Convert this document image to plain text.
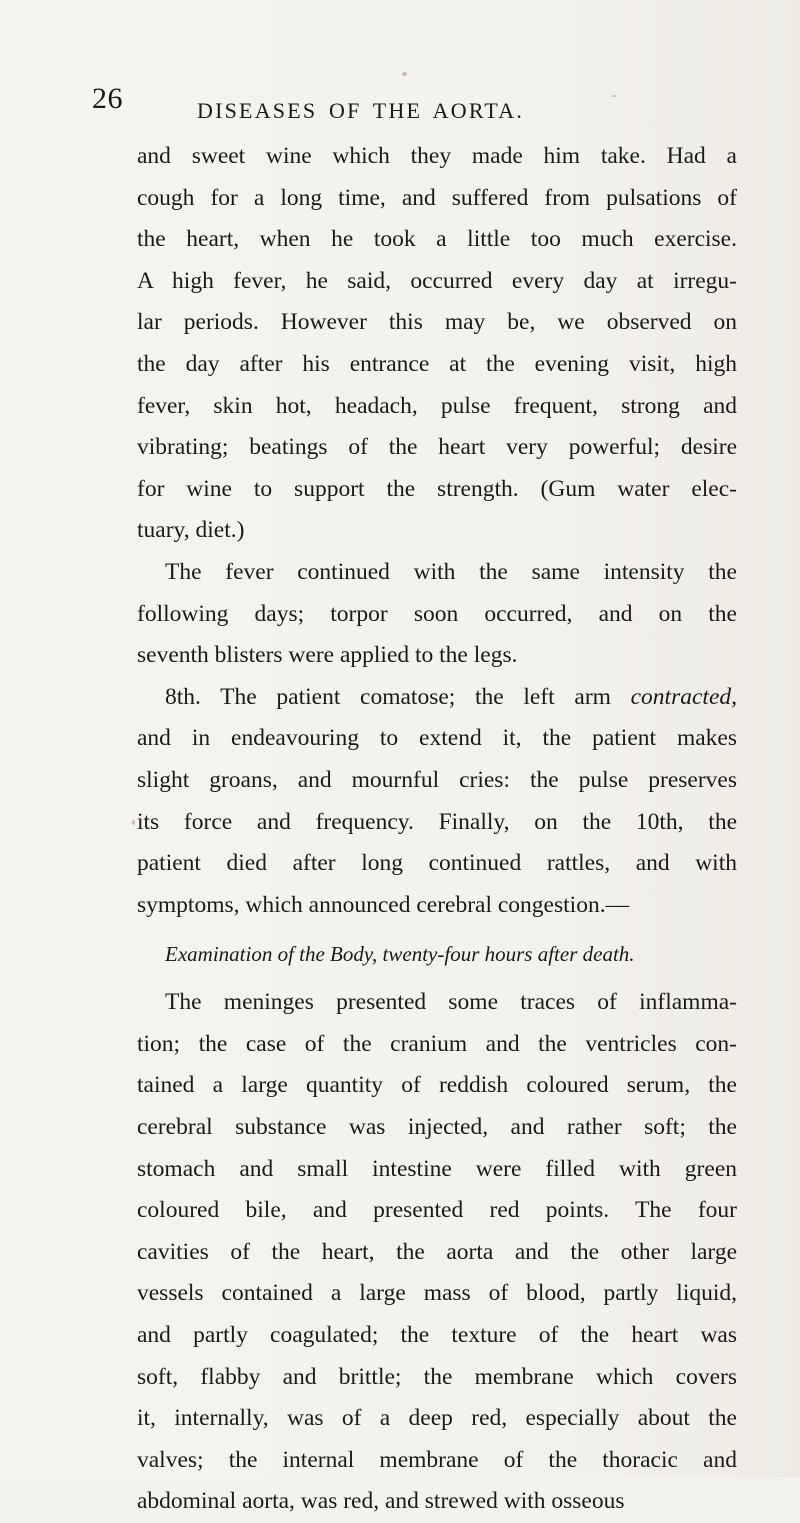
26	DISEASES OF THE AORTA.
and sweet wine which they made him take. Had a
cough for a long time, and suffered from pulsations of
the heart, when he took a little too much exercise.
A high fever, he said, occurred every day at irregu-
lar periods. However this may be, we observed on
the day after his entrance at the evening visit, high
fever, skin hot, headach, pulse frequent, strong and
vibrating; beatings of the heart very powerful; desire
for wine to support the strength. (Gum water elec-
tuary, diet.)
The fever continued with the same intensity the
following days; torpor soon occurred, and on the
seventh blisters were applied to the legs.
8th. The patient comatose; the left arm contracted,
and in endeavouring to extend it, the patient makes
slight groans, and mournful cries: the pulse preserves
its force and frequency. Finally, on the 10th, the
patient died after long continued rattles, and with
symptoms, which announced cerebral congestion.—
Examination of the Body, twenty-four hours after death.
The meninges presented some traces of inflamma-
tion; the case of the cranium and the ventricles con-
tained a large quantity of reddish coloured serum, the
cerebral substance was injected, and rather soft; the
stomach and small intestine were filled with green
coloured bile, and presented red points. The four
cavities of the heart, the aorta and the other large
vessels contained a large mass of blood, partly liquid,
and partly coagulated; the texture of the heart was
soft, flabby and brittle; the membrane which covers
it, internally, was of a deep red, especially about the
valves; the internal membrane of the thoracic and
abdominal aorta, was red, and strewed with osseous
